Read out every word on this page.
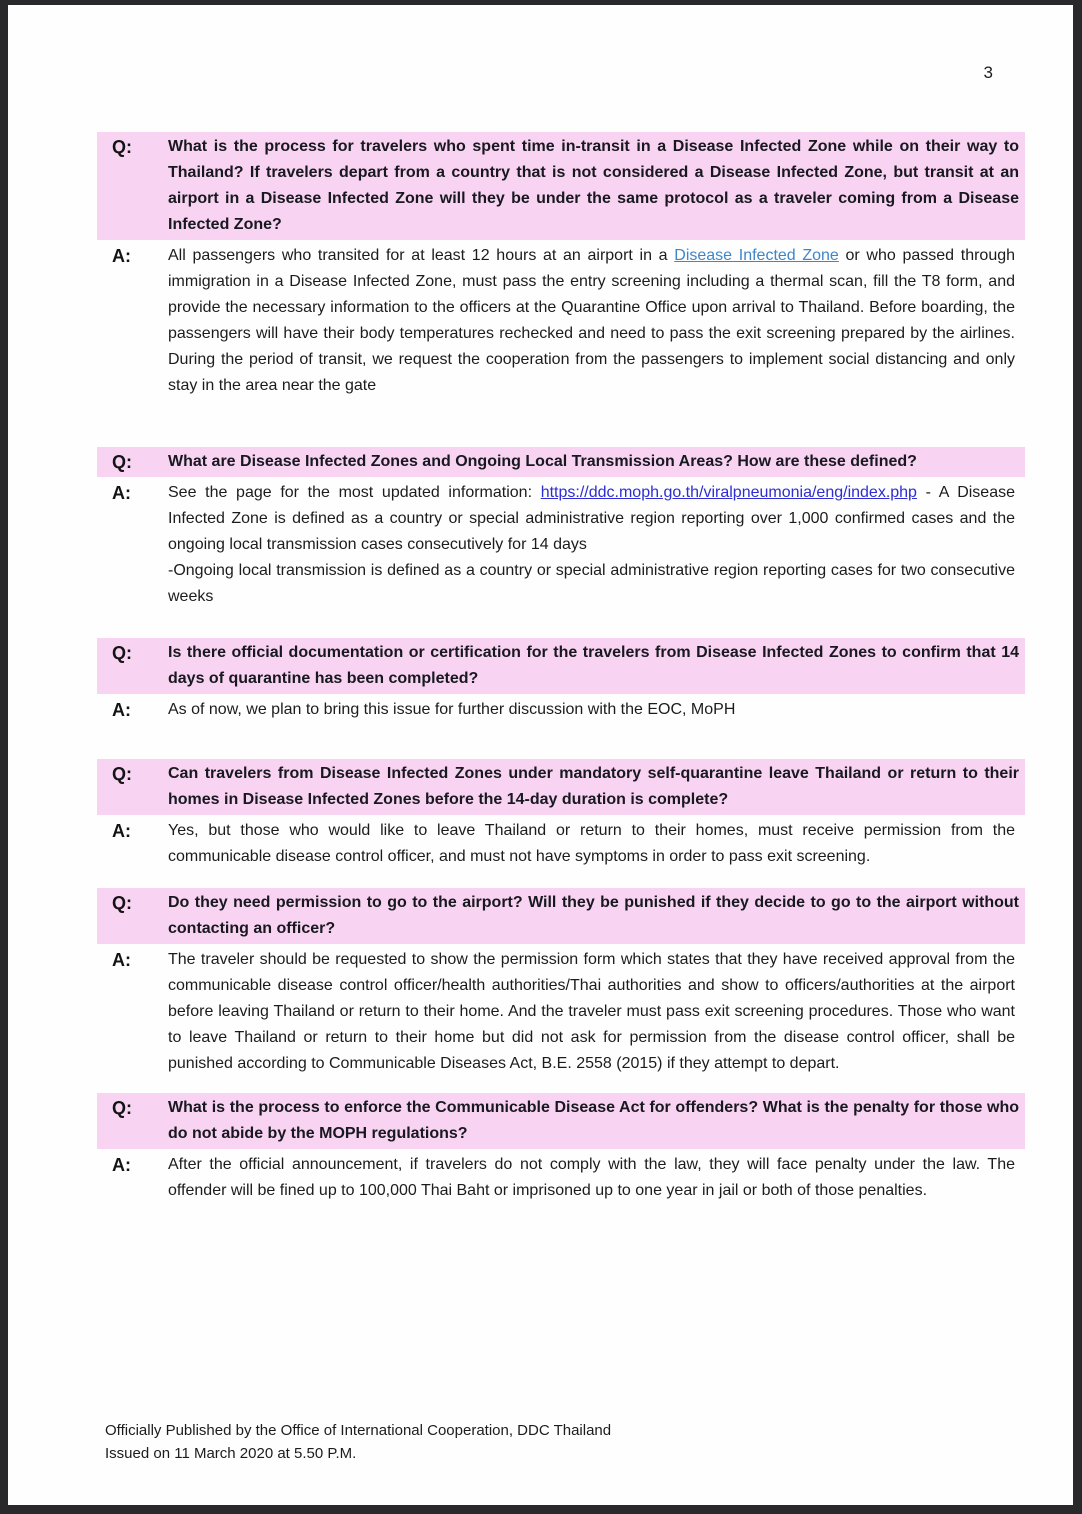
3
Q:	What is the process for travelers who spent time in-transit in a Disease Infected Zone while on their way to Thailand? If travelers depart from a country that is not considered a Disease Infected Zone, but transit at an airport in a Disease Infected Zone will they be under the same protocol as a traveler coming from a Disease Infected Zone?
A:	All passengers who transited for at least 12 hours at an airport in a Disease Infected Zone or who passed through immigration in a Disease Infected Zone, must pass the entry screening including a thermal scan, fill the T8 form, and provide the necessary information to the officers at the Quarantine Office upon arrival to Thailand. Before boarding, the passengers will have their body temperatures rechecked and need to pass the exit screening prepared by the airlines. During the period of transit, we request the cooperation from the passengers to implement social distancing and only stay in the area near the gate
Q:	What are Disease Infected Zones and Ongoing Local Transmission Areas? How are these defined?
A:	See the page for the most updated information: https://ddc.moph.go.th/viralpneumonia/eng/index.php - A Disease Infected Zone is defined as a country or special administrative region reporting over 1,000 confirmed cases and the ongoing local transmission cases consecutively for 14 days
-Ongoing local transmission is defined as a country or special administrative region reporting cases for two consecutive weeks
Q:	Is there official documentation or certification for the travelers from Disease Infected Zones to confirm that 14 days of quarantine has been completed?
A:	As of now, we plan to bring this issue for further discussion with the EOC, MoPH
Q:	Can travelers from Disease Infected Zones under mandatory self-quarantine leave Thailand or return to their homes in Disease Infected Zones before the 14-day duration is complete?
A:	Yes, but those who would like to leave Thailand or return to their homes, must receive permission from the communicable disease control officer, and must not have symptoms in order to pass exit screening.
Q:	Do they need permission to go to the airport? Will they be punished if they decide to go to the airport without contacting an officer?
A:	The traveler should be requested to show the permission form which states that they have received approval from the communicable disease control officer/health authorities/Thai authorities and show to officers/authorities at the airport before leaving Thailand or return to their home. And the traveler must pass exit screening procedures. Those who want to leave Thailand or return to their home but did not ask for permission from the disease control officer, shall be punished according to Communicable Diseases Act, B.E. 2558 (2015) if they attempt to depart.
Q:	What is the process to enforce the Communicable Disease Act for offenders? What is the penalty for those who do not abide by the MOPH regulations?
A:	After the official announcement, if travelers do not comply with the law, they will face penalty under the law. The offender will be fined up to 100,000 Thai Baht or imprisoned up to one year in jail or both of those penalties.
Officially Published by the Office of International Cooperation, DDC Thailand
Issued on 11 March 2020 at 5.50 P.M.
